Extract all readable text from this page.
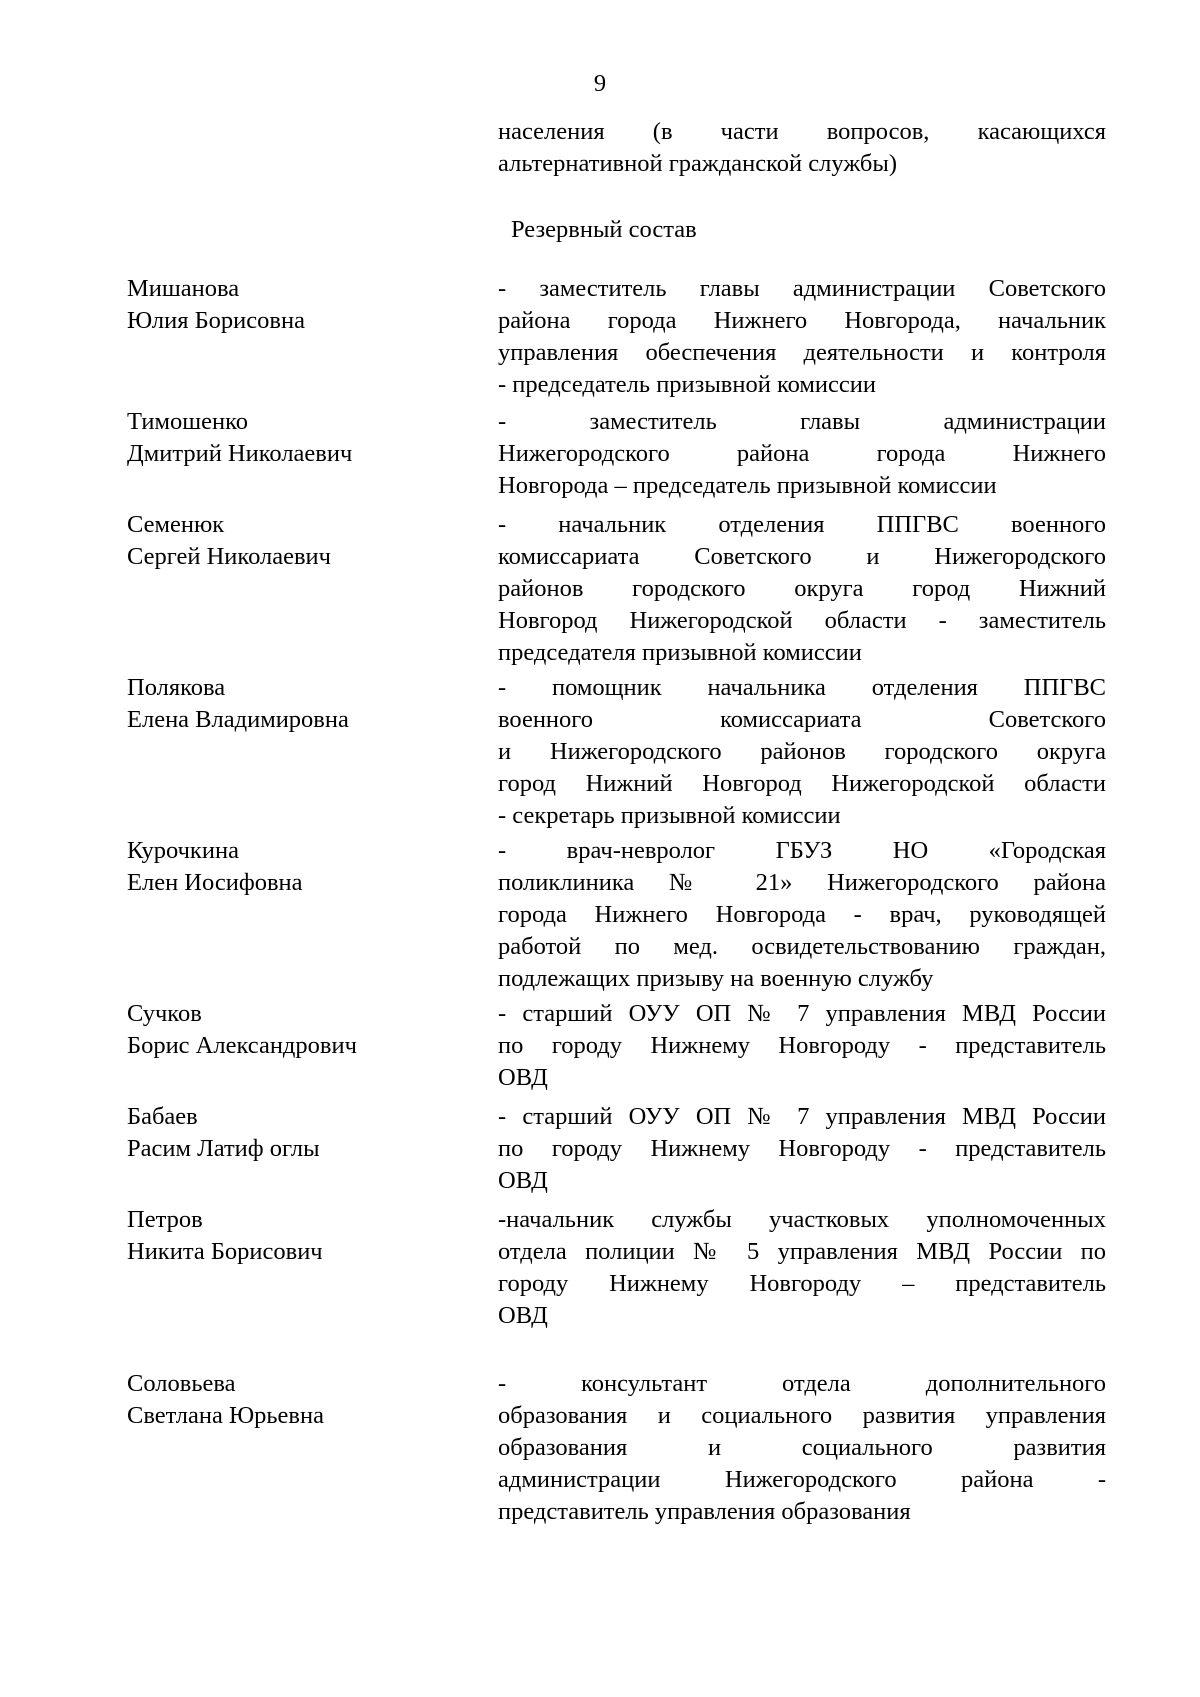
9
населения (в части вопросов, касающихся
альтернативной гражданской службы)
Резервный состав
Мишанова
Юлия Борисовна
- заместитель главы администрации Советского
района города Нижнего Новгорода, начальник
управления обеспечения деятельности и контроля
- председатель призывной комиссии
Тимошенко
Дмитрий Николаевич
- заместитель главы администрации
Нижегородского района города Нижнего
Новгорода – председатель призывной комиссии
Семенюк
Сергей Николаевич
- начальник отделения ППГВС военного
комиссариата Советского и Нижегородского
районов городского округа город Нижний
Новгород Нижегородской области - заместитель
председателя призывной комиссии
Полякова
Елена Владимировна
- помощник начальника отделения ППГВС
военного комиссариата Советского
и Нижегородского районов городского округа
город Нижний Новгород Нижегородской области
- секретарь призывной комиссии
Курочкина
Елен Иосифовна
- врач-невролог ГБУЗ НО «Городская
поликлиника № 21» Нижегородского района
города Нижнего Новгорода - врач, руководящей
работой по мед. освидетельствованию граждан,
подлежащих призыву на военную службу
Сучков
Борис Александрович
- старший ОУУ ОП № 7 управления МВД России
по городу Нижнему Новгороду - представитель
ОВД
Бабаев
Расим Латиф оглы
- старший ОУУ ОП № 7 управления МВД России
по городу Нижнему Новгороду - представитель
ОВД
Петров
Никита Борисович
-начальник службы участковых уполномоченных
отдела полиции № 5 управления МВД России по
городу Нижнему Новгороду – представитель
ОВД
Соловьева
Светлана Юрьевна
- консультант отдела дополнительного
образования и социального развития управления
образования и социального развития
администрации Нижегородского района -
представитель управления образования
